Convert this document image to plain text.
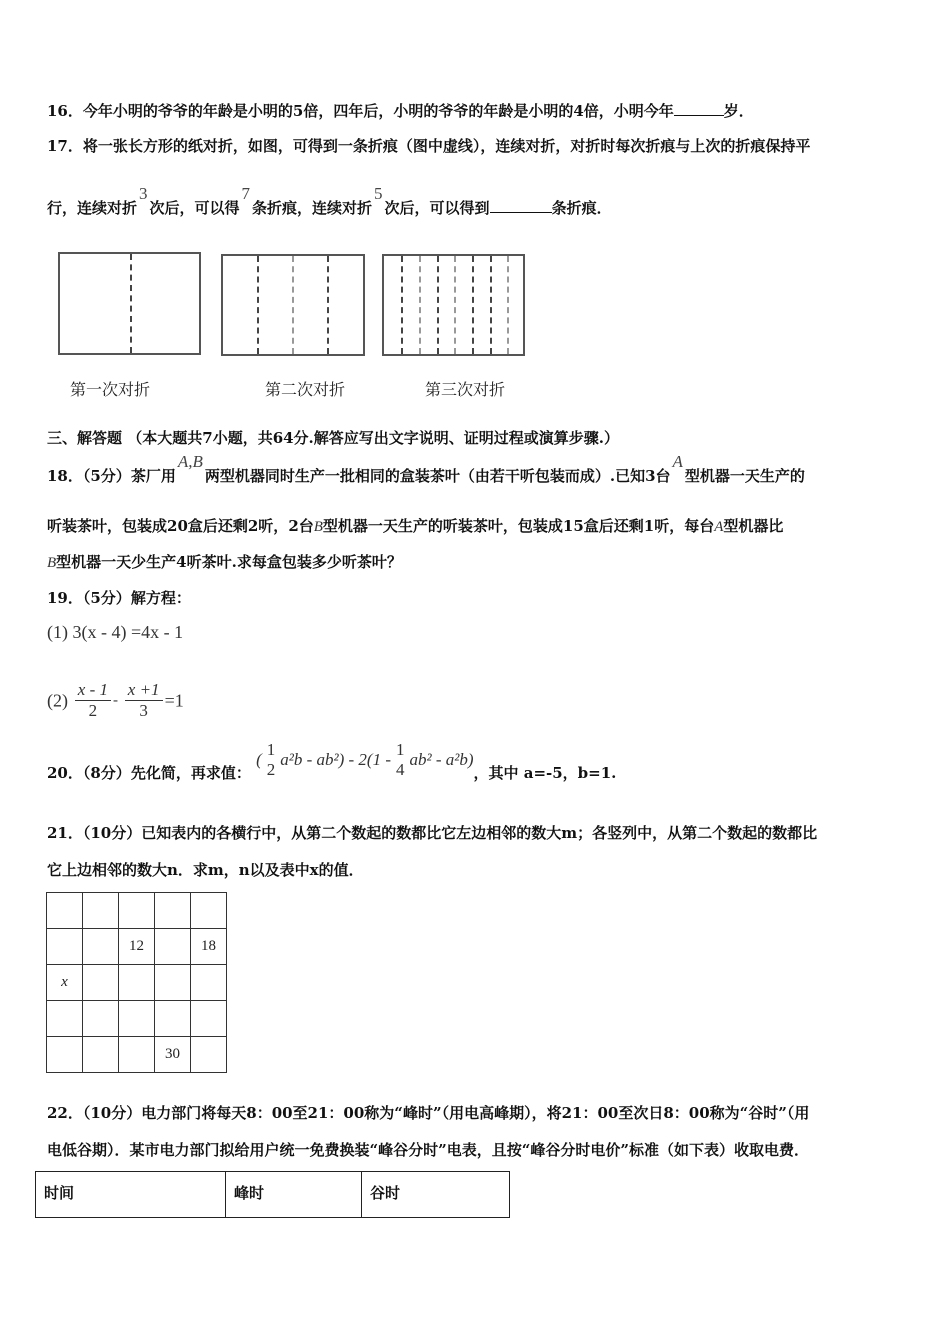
16．今年小明的爷爷的年龄是小明的5倍，四年后，小明的爷爷的年龄是小明的4倍，小明今年	岁．
17．将一张长方形的纸对折，如图，可得到一条折痕（图中虚线），连续对折，对折时每次折痕与上次的折痕保持平
行，连续对折3次后，可以得7条折痕，连续对折5次后，可以得到	条折痕．
第一次对折	第二次对折	第三次对折
三、解答题 （本大题共7小题，共64分.解答应写出文字说明、证明过程或演算步骤.）
18．（5分）茶厂用A,B两型机器同时生产一批相同的盒装茶叶（由若干听包装而成）.已知3台A型机器一天生产的
听装茶叶，包装成20盒后还剩2听，2台B型机器一天生产的听装茶叶，包装成15盒后还剩1听，每台A型机器比
B型机器一天少生产4听茶叶.求每盒包装多少听茶叶？
19．（5分）解方程：
(1) 3(x - 4) =4x - 1
$(2) \frac{x - 1}{2} - \frac{x +1}{3} =1$
20．（8分）先化简，再求值： (
1
2
a²b - ab²) - 2(1 -
1
4
ab² - a²b)，其中 a=-5，b=1.
21．（10分）已知表内的各横行中，从第二个数起的数都比它左边相邻的数大m；各竖列中，从第二个数起的数都比
它上边相邻的数大n．求m，n以及表中x的值．

		12		18
x				

			30	
22．（10分）电力部门将每天8：00至21：00称为“峰时”（用电高峰期），将21：00至次日8：00称为“谷时”（用
电低谷期）．某市电力部门拟给用户统一免费换装“峰谷分时”电表，且按“峰谷分时电价”标准（如下表）收取电费．
时间	峰时	谷时
